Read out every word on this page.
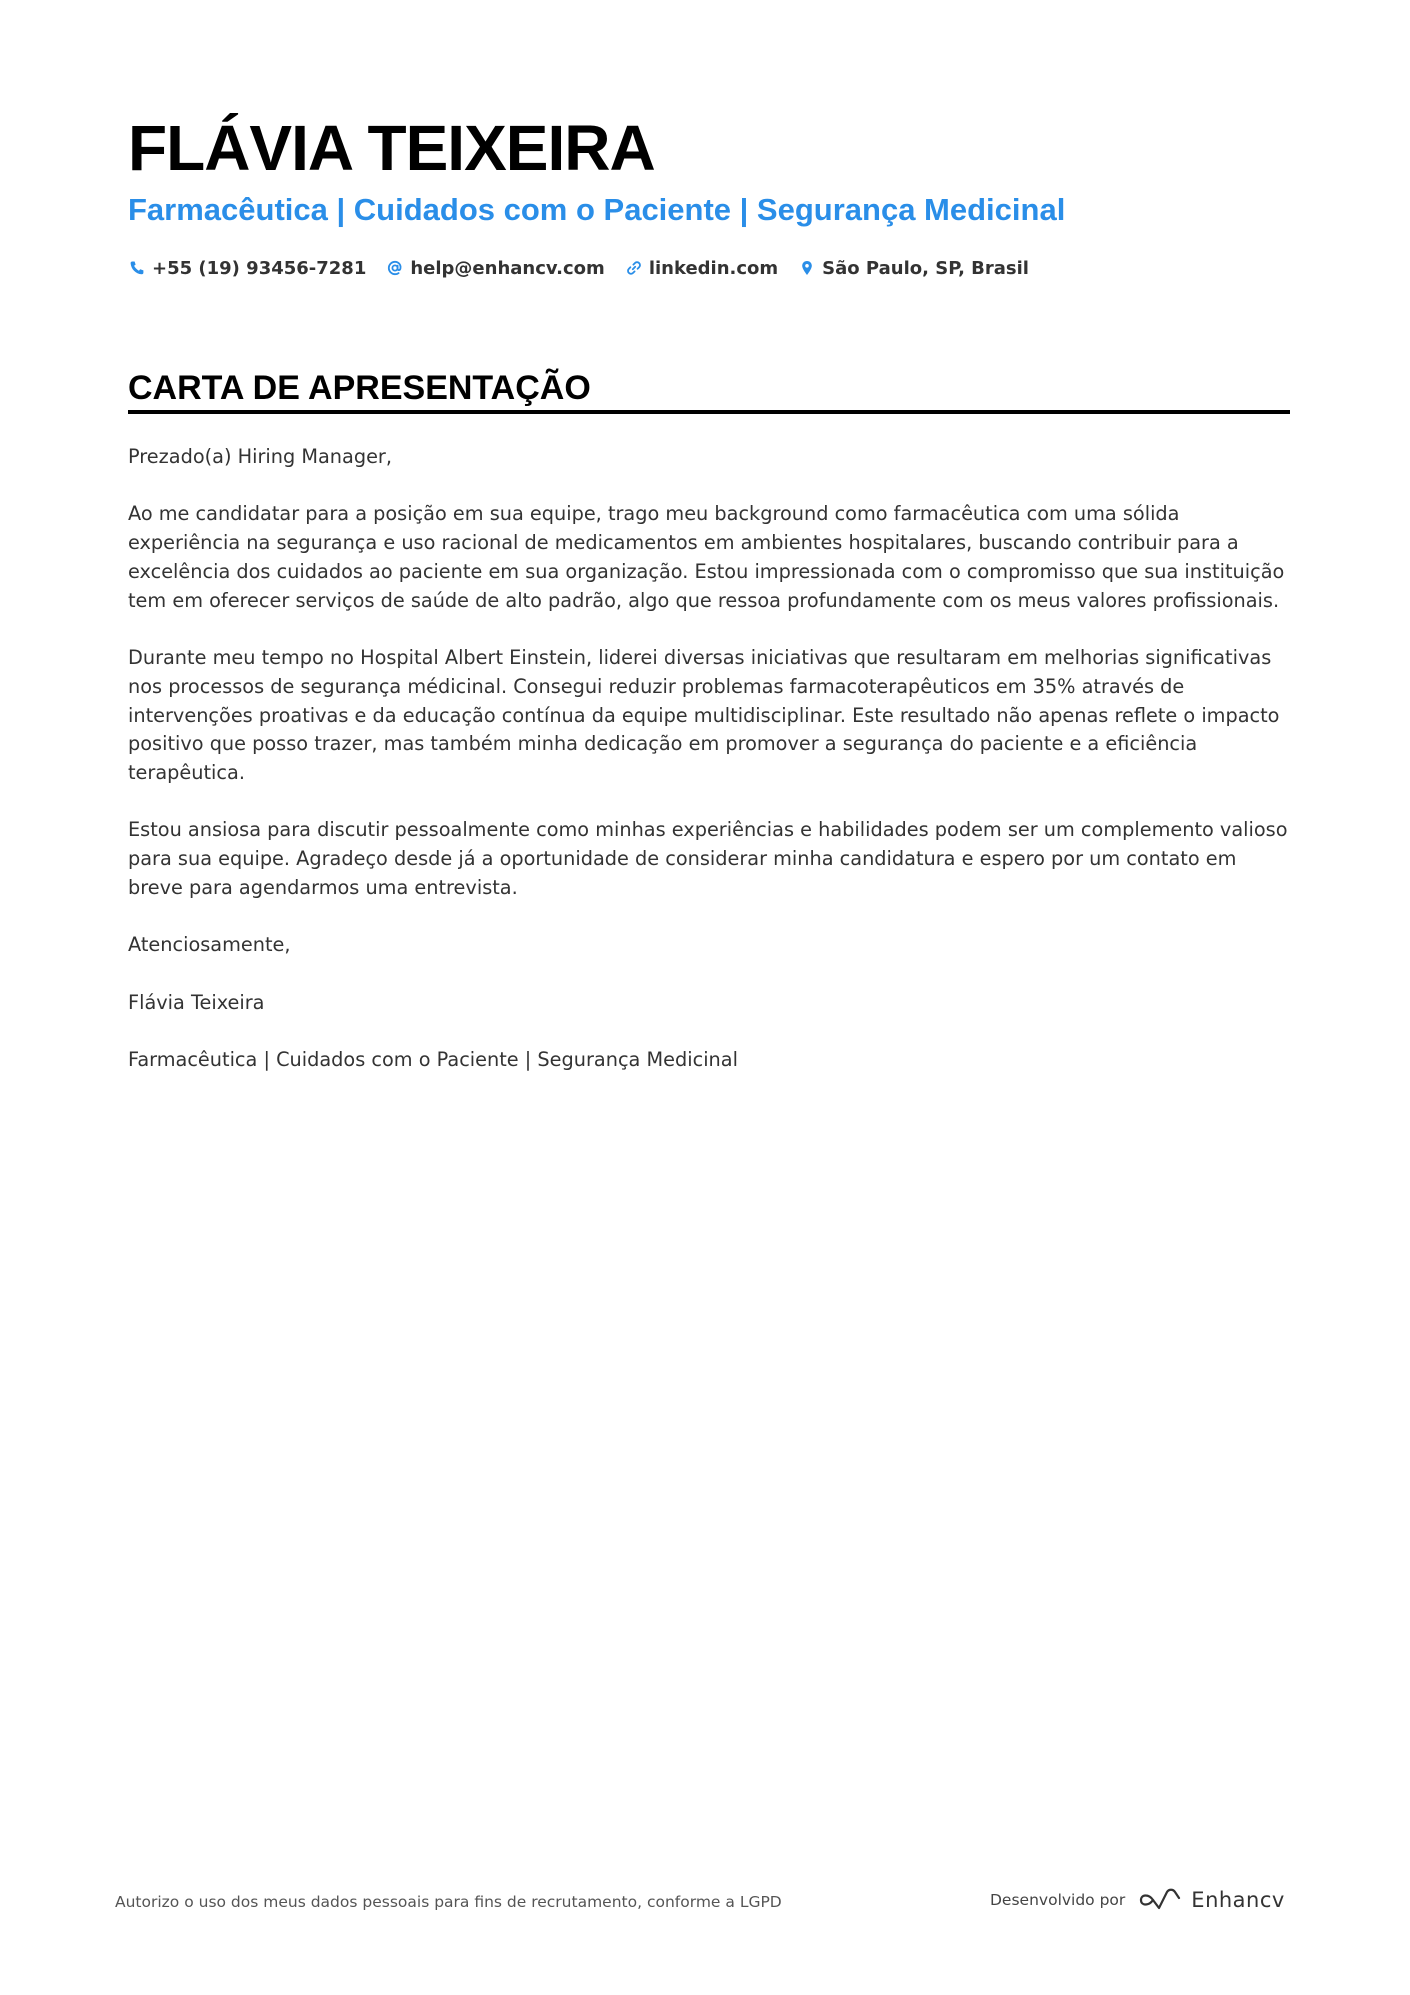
FLÁVIA TEIXEIRA
Farmacêutica | Cuidados com o Paciente | Segurança Medicinal
+55 (19) 93456-7281 help@enhancv.com linkedin.com São Paulo, SP, Brasil
CARTA DE APRESENTAÇÃO

Prezado(a) Hiring Manager,

Ao me candidatar para a posição em sua equipe, trago meu background como farmacêutica com uma sólida experiência na segurança e uso racional de medicamentos em ambientes hospitalares, buscando contribuir para a excelência dos cuidados ao paciente em sua organização. Estou impressionada com o compromisso que sua instituição tem em oferecer serviços de saúde de alto padrão, algo que ressoa profundamente com os meus valores profissionais.

Durante meu tempo no Hospital Albert Einstein, liderei diversas iniciativas que resultaram em melhorias significativas nos processos de segurança médicinal. Consegui reduzir problemas farmacoterapêuticos em 35% através de intervenções proativas e da educação contínua da equipe multidisciplinar. Este resultado não apenas reflete o impacto positivo que posso trazer, mas também minha dedicação em promover a segurança do paciente e a eficiência terapêutica.

Estou ansiosa para discutir pessoalmente como minhas experiências e habilidades podem ser um complemento valioso para sua equipe. Agradeço desde já a oportunidade de considerar minha candidatura e espero por um contato em breve para agendarmos uma entrevista.

Atenciosamente,

Flávia Teixeira

Farmacêutica | Cuidados com o Paciente | Segurança Medicinal

Autorizo o uso dos meus dados pessoais para fins de recrutamento, conforme a LGPD	Desenvolvido por	Enhancv
